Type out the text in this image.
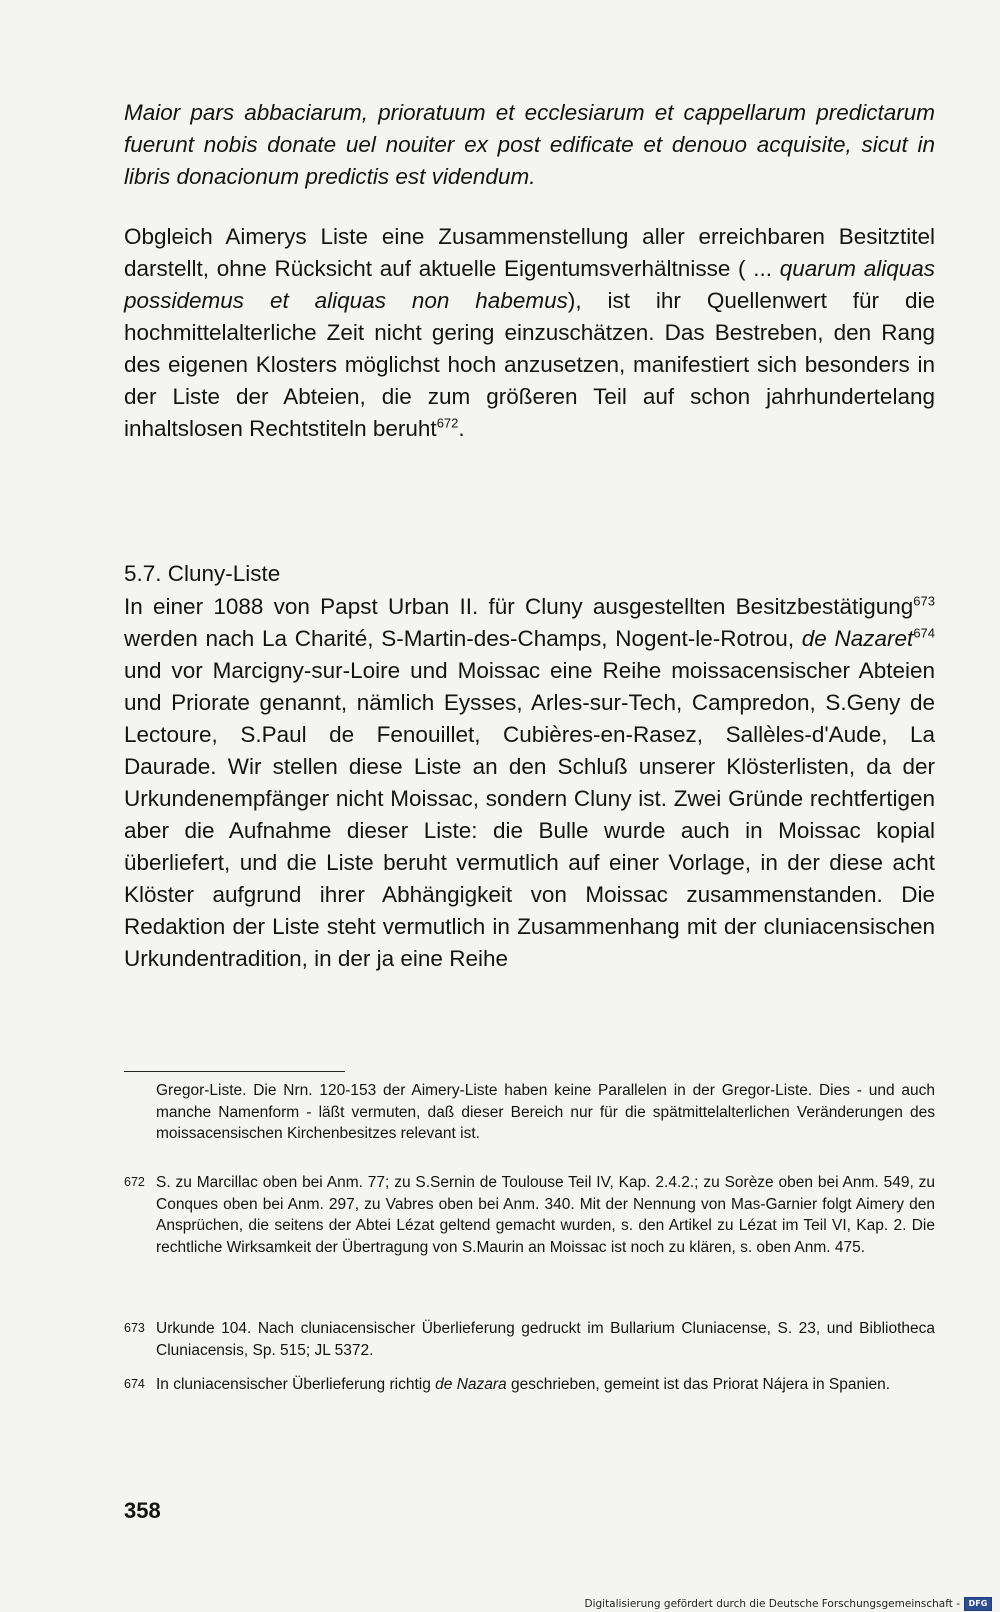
Maior pars abbaciarum, prioratuum et ecclesiarum et cappellarum predictarum fuerunt nobis donate uel nouiter ex post edificate et denouo acquisite, sicut in libris donacionum predictis est videndum.

Obgleich Aimerys Liste eine Zusammenstellung aller erreichbaren Besitztitel darstellt, ohne Rücksicht auf aktuelle Eigentumsverhältnisse ( ... quarum aliquas possidemus et aliquas non habemus), ist ihr Quellenwert für die hochmittelalterliche Zeit nicht gering einzuschätzen. Das Bestreben, den Rang des eigenen Klosters möglichst hoch anzusetzen, manifestiert sich besonders in der Liste der Abteien, die zum größeren Teil auf schon jahrhundertelang inhaltslosen Rechtstiteln beruht$^{672}$.

5.7. Cluny-Liste

In einer 1088 von Papst Urban II. für Cluny ausgestellten Besitzbestätigung$^{673}$ werden nach La Charité, S-Martin-des-Champs, Nogent-le-Rotrou, de Nazaret$^{674}$ und vor Marcigny-sur-Loire und Moissac eine Reihe moissacensischer Abteien und Priorate genannt, nämlich Eysses, Arles-sur-Tech, Campredon, S.Geny de Lectoure, S.Paul de Fenouillet, Cubières-en-Rasez, Sallèles-d'Aude, La Daurade. Wir stellen diese Liste an den Schluß unserer Klösterlisten, da der Urkundenempfänger nicht Moissac, sondern Cluny ist. Zwei Gründe rechtfertigen aber die Aufnahme dieser Liste: die Bulle wurde auch in Moissac kopial überliefert, und die Liste beruht vermutlich auf einer Vorlage, in der diese acht Klöster aufgrund ihrer Abhängigkeit von Moissac zusammenstanden. Die Redaktion der Liste steht vermutlich in Zusammenhang mit der cluniacensischen Urkundentradition, in der ja eine Reihe

Gregor-Liste. Die Nrn. 120-153 der Aimery-Liste haben keine Parallelen in der Gregor-Liste. Dies - und auch manche Namenform - läßt vermuten, daß dieser Bereich nur für die spätmittelalterlichen Veränderungen des moissacensischen Kirchenbesitzes relevant ist.
672 S. zu Marcillac oben bei Anm. 77; zu S.Sernin de Toulouse Teil IV, Kap. 2.4.2.; zu Sorèze oben bei Anm. 549, zu Conques oben bei Anm. 297, zu Vabres oben bei Anm. 340. Mit der Nennung von Mas-Garnier folgt Aimery den Ansprüchen, die seitens der Abtei Lézat geltend gemacht wurden, s. den Artikel zu Lézat im Teil VI, Kap. 2. Die rechtliche Wirksamkeit der Übertragung von S.Maurin an Moissac ist noch zu klären, s. oben Anm. 475.
673 Urkunde 104. Nach cluniacensischer Überlieferung gedruckt im Bullarium Cluniacense, S. 23, und Bibliotheca Cluniacensis, Sp. 515; JL 5372.
674 In cluniacensischer Überlieferung richtig de Nazara geschrieben, gemeint ist das Priorat Nájera in Spanien.
358
Digitalisierung gefördert durch die Deutsche Forschungsgemeinschaft -	DFG
